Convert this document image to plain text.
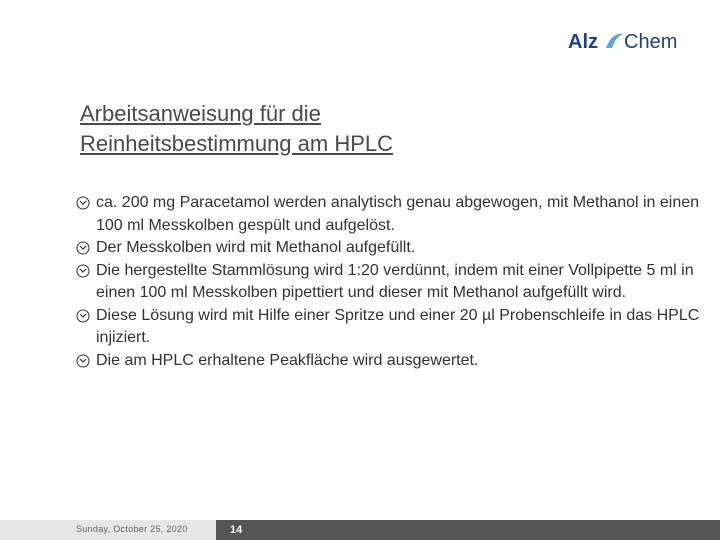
Alz Chem
Arbeitsanweisung für die
Reinheitsbestimmung am HPLC
ca. 200 mg Paracetamol werden analytisch genau abgewogen, mit Methanol in einen 100 ml Messkolben gespült und aufgelöst.
Der Messkolben wird mit Methanol aufgefüllt.
Die hergestellte Stammlösung wird 1:20 verdünnt, indem mit einer Vollpipette 5 ml in einen 100 ml Messkolben pipettiert und dieser mit Methanol aufgefüllt wird.
Diese Lösung wird mit Hilfe einer Spritze und einer 20 µl Probenschleife in das HPLC injiziert.
Die am HPLC erhaltene Peakfläche wird ausgewertet.
Sunday, October 25, 2020	14
